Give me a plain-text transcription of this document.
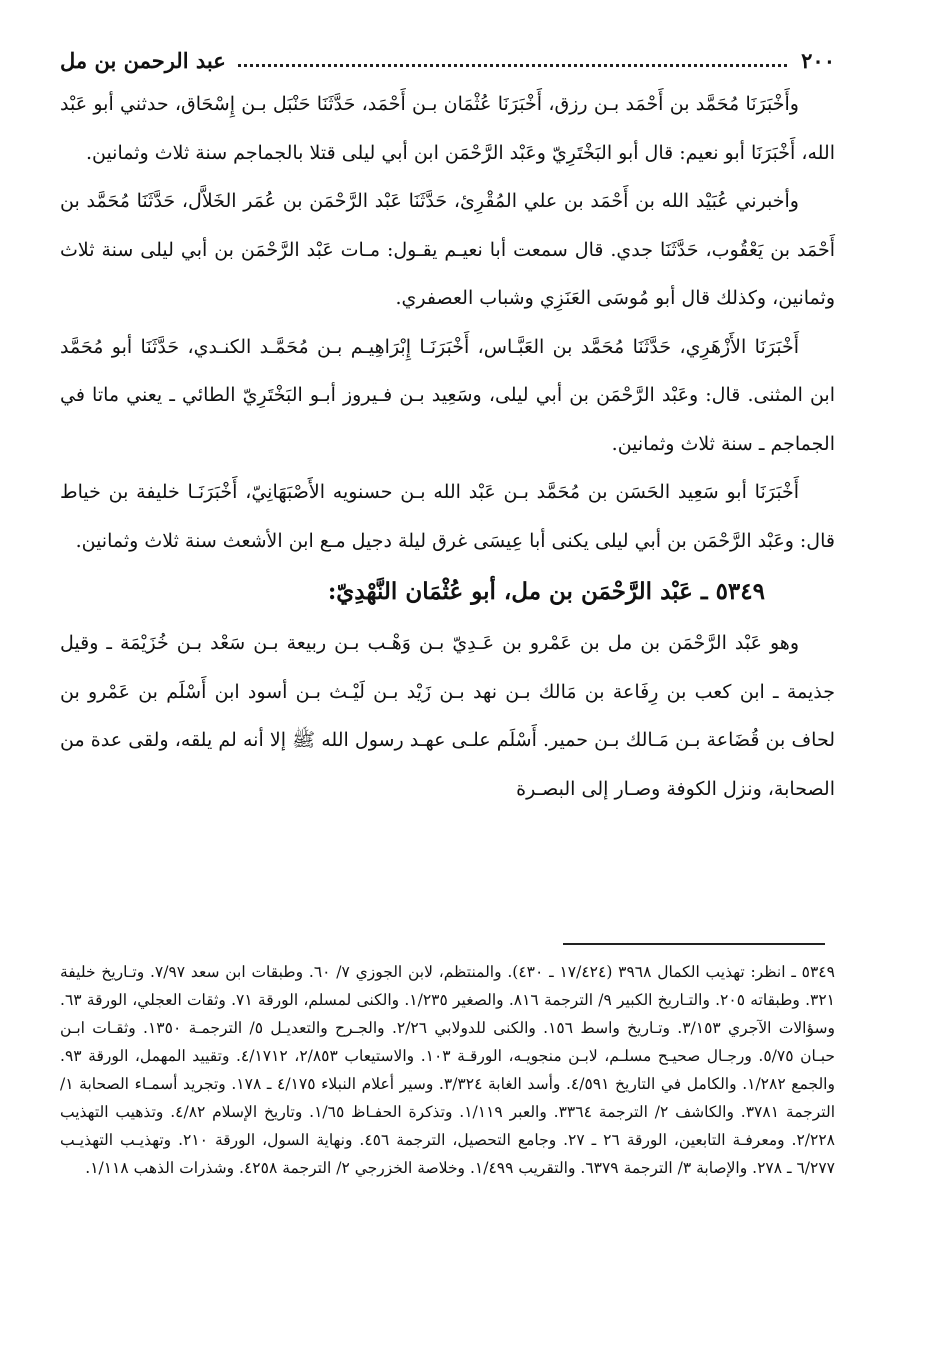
٢٠٠
عبد الرحمن بن مل

وأَخْبَرَنَا مُحَمَّد بن أَحْمَد بـن رزق، أَخْبَرَنَا عُثْمَان بـن أَحْمَد، حَدَّثَنَا حَنْبَل بـن إِسْحَاق، حدثني أبو عَبْد الله، أَخْبَرَنَا أبو نعيم: قال أبو البَخْتَرِيّ وعَبْد الرَّحْمَن ابن أبي ليلى قتلا بالجماجم سنة ثلاث وثمانين.

وأخبرني عُبَيْد الله بن أَحْمَد بن علي المُقْرِئ، حَدَّثَنَا عَبْد الرَّحْمَن بن عُمَر الخَلاَّل، حَدَّثَنَا مُحَمَّد بن أَحْمَد بن يَعْقُوب، حَدَّثَنَا جدي. قال سمعت أبا نعيـم يقـول: مـات عَبْد الرَّحْمَن بن أبي ليلى سنة ثلاث وثمانين، وكذلك قال أبو مُوسَى العَنَزِي وشباب العصفري.

أَخْبَرَنَا الأَزْهَرِي، حَدَّثَنَا مُحَمَّد بن العَبَّـاس، أَخْبَرَنَـا إِبْرَاهِيـم بـن مُحَمَّـد الكنـدي، حَدَّثَنَا أبو مُحَمَّد ابن المثنى. قال: وعَبْد الرَّحْمَن بن أبي ليلى، وسَعِيد بـن فـيروز أبـو البَخْتَرِيّ الطائي ـ يعني ماتا في الجماجم ـ سنة ثلاث وثمانين.

أَخْبَرَنَا أبو سَعِيد الحَسَن بن مُحَمَّد بـن عَبْد الله بـن حسنويه الأَصْبَهَانِيّ، أَخْبَرَنَـا خليفة بن خياط قال: وعَبْد الرَّحْمَن بن أبي ليلى يكنى أبا عِيسَى غرق ليلة دجيل مـع ابن الأشعث سنة ثلاث وثمانين.

٥٣٤٩ ـ عَبْد الرَّحْمَن بن مل، أبو عُثْمَان النَّهْدِيّ:

وهو عَبْد الرَّحْمَن بن مل بن عَمْرو بن عَـدِيّ بـن وَهْـب بـن ربيعة بـن سَعْد بـن خُزَيْمَة ـ وقيل جذيمة ـ ابن كعب بن رِفَاعة بن مَالك بـن نهد بـن زَيْد بـن لَيْـث بـن أسود ابن أَسْلَم بن عَمْرو بن لحاف بن قُضَاعة بـن مَـالك بـن حمير. أَسْلَم علـى عهـد رسول الله ﷺ إلا أنه لم يلقه، ولقى عدة من الصحابة، ونزل الكوفة وصـار إلى البصـرة

٥٣٤٩ ـ انظر: تهذيب الكمال ٣٩٦٨ (١٧/٤٢٤ ـ ٤٣٠). والمنتظم، لابن الجوزي ٧/ ٦٠. وطبقات ابن سعد ٧/٩٧. وتـاريخ خليفة ٣٢١. وطبقاته ٢٠٥. والتـاريخ الكبير ٩/ الترجمة ٨١٦. والصغير ١/٢٣٥. والكنى لمسلم، الورقة ٧١. وثقات العجلي، الورقة ٦٣. وسؤالات الآجري ٣/١٥٣. وتـاريخ واسط ١٥٦. والكنى للدولابي ٢/٢٦. والجـرح والتعديـل ٥/ الترجمـة ١٣٥٠. وثقـات ابـن حبـان ٥/٧٥. ورجـال صحيـح مسلـم، لابـن منجويـه، الورقـة ١٠٣. والاستيعاب ٢/٨٥٣، ٤/١٧١٢. وتقييد المهمل، الورقة ٩٣. والجمع ١/٢٨٢. والكامل في التاريخ ٤/٥٩١. وأسد الغابة ٣/٣٢٤. وسير أعلام النبلاء ٤/١٧٥ ـ ١٧٨. وتجريد أسمـاء الصحابة ١/ الترجمة ٣٧٨١. والكاشف ٢/ الترجمة ٣٣٦٤. والعبر ١/١١٩. وتذكرة الحفـاظ ١/٦٥. وتاريخ الإسلام ٤/٨٢. وتذهيب التهذيب ٢/٢٢٨. ومعرفـة التابعين، الورقة ٢٦ ـ ٢٧. وجامع التحصيل، الترجمة ٤٥٦. ونهاية السول، الورقة ٢١٠. وتهذيـب التهذيـب ٦/٢٧٧ ـ ٢٧٨. والإصابة ٣/ الترجمة ٦٣٧٩. والتقريب ١/٤٩٩. وخلاصة الخزرجي ٢/ الترجمة ٤٢٥٨. وشذرات الذهب ١/١١٨.
